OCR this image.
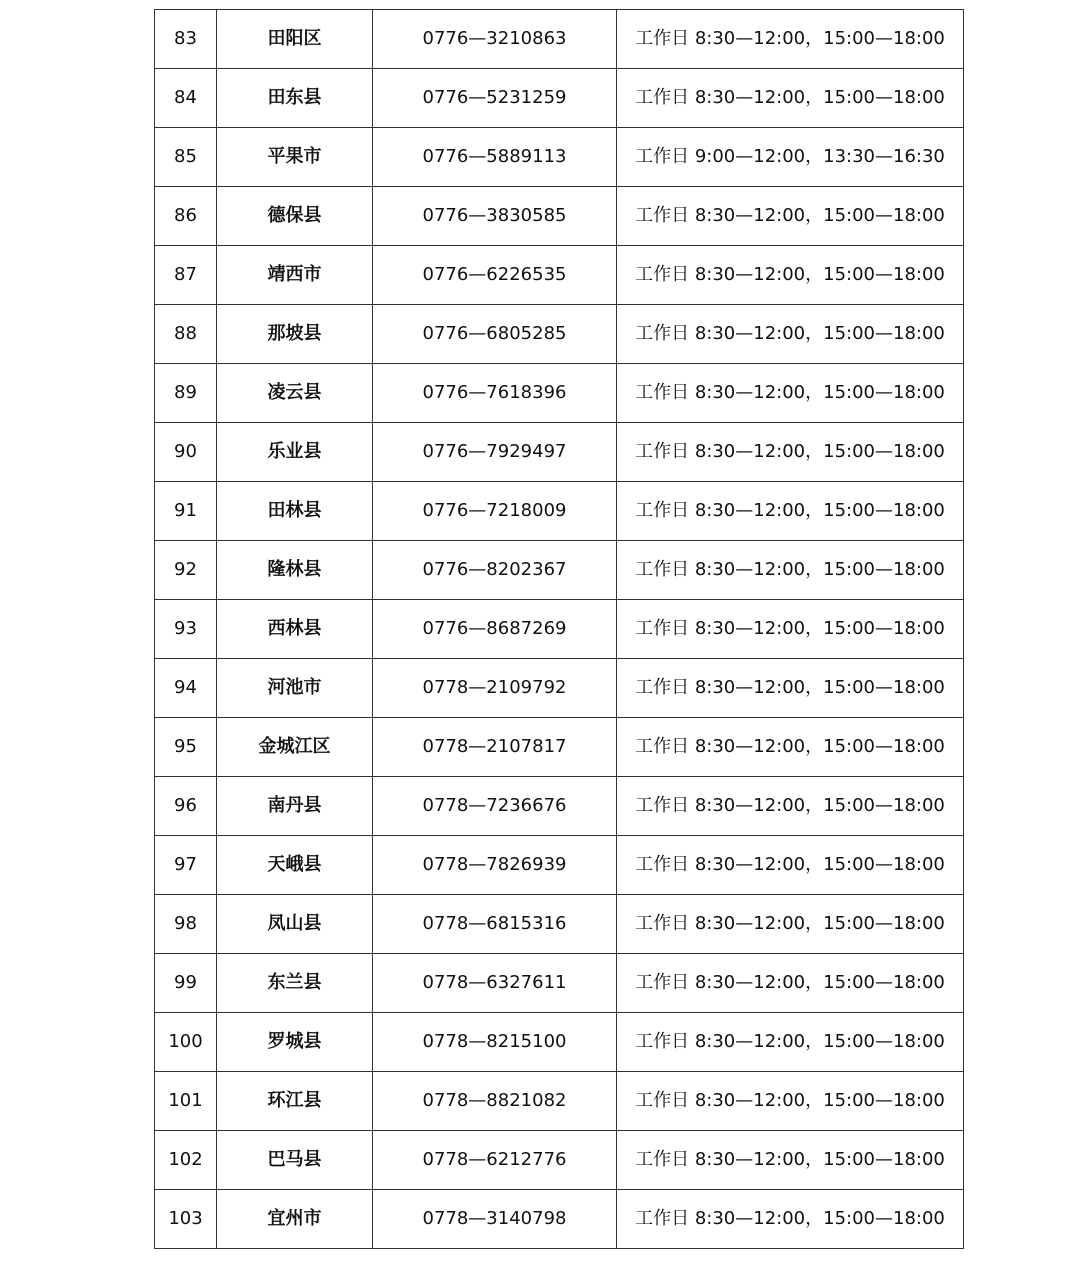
83	田阳区	0776—3210863	工作日 8:30—12:00，15:00—18:00
84	田东县	0776—5231259	工作日 8:30—12:00，15:00—18:00
85	平果市	0776—5889113	工作日 9:00—12:00，13:30—16:30
86	德保县	0776—3830585	工作日 8:30—12:00，15:00—18:00
87	靖西市	0776—6226535	工作日 8:30—12:00，15:00—18:00
88	那坡县	0776—6805285	工作日 8:30—12:00，15:00—18:00
89	凌云县	0776—7618396	工作日 8:30—12:00，15:00—18:00
90	乐业县	0776—7929497	工作日 8:30—12:00，15:00—18:00
91	田林县	0776—7218009	工作日 8:30—12:00，15:00—18:00
92	隆林县	0776—8202367	工作日 8:30—12:00，15:00—18:00
93	西林县	0776—8687269	工作日 8:30—12:00，15:00—18:00
94	河池市	0778—2109792	工作日 8:30—12:00，15:00—18:00
95	金城江区	0778—2107817	工作日 8:30—12:00，15:00—18:00
96	南丹县	0778—7236676	工作日 8:30—12:00，15:00—18:00
97	天峨县	0778—7826939	工作日 8:30—12:00，15:00—18:00
98	凤山县	0778—6815316	工作日 8:30—12:00，15:00—18:00
99	东兰县	0778—6327611	工作日 8:30—12:00，15:00—18:00
100	罗城县	0778—8215100	工作日 8:30—12:00，15:00—18:00
101	环江县	0778—8821082	工作日 8:30—12:00，15:00—18:00
102	巴马县	0778—6212776	工作日 8:30—12:00，15:00—18:00
103	宜州市	0778—3140798	工作日 8:30—12:00，15:00—18:00
